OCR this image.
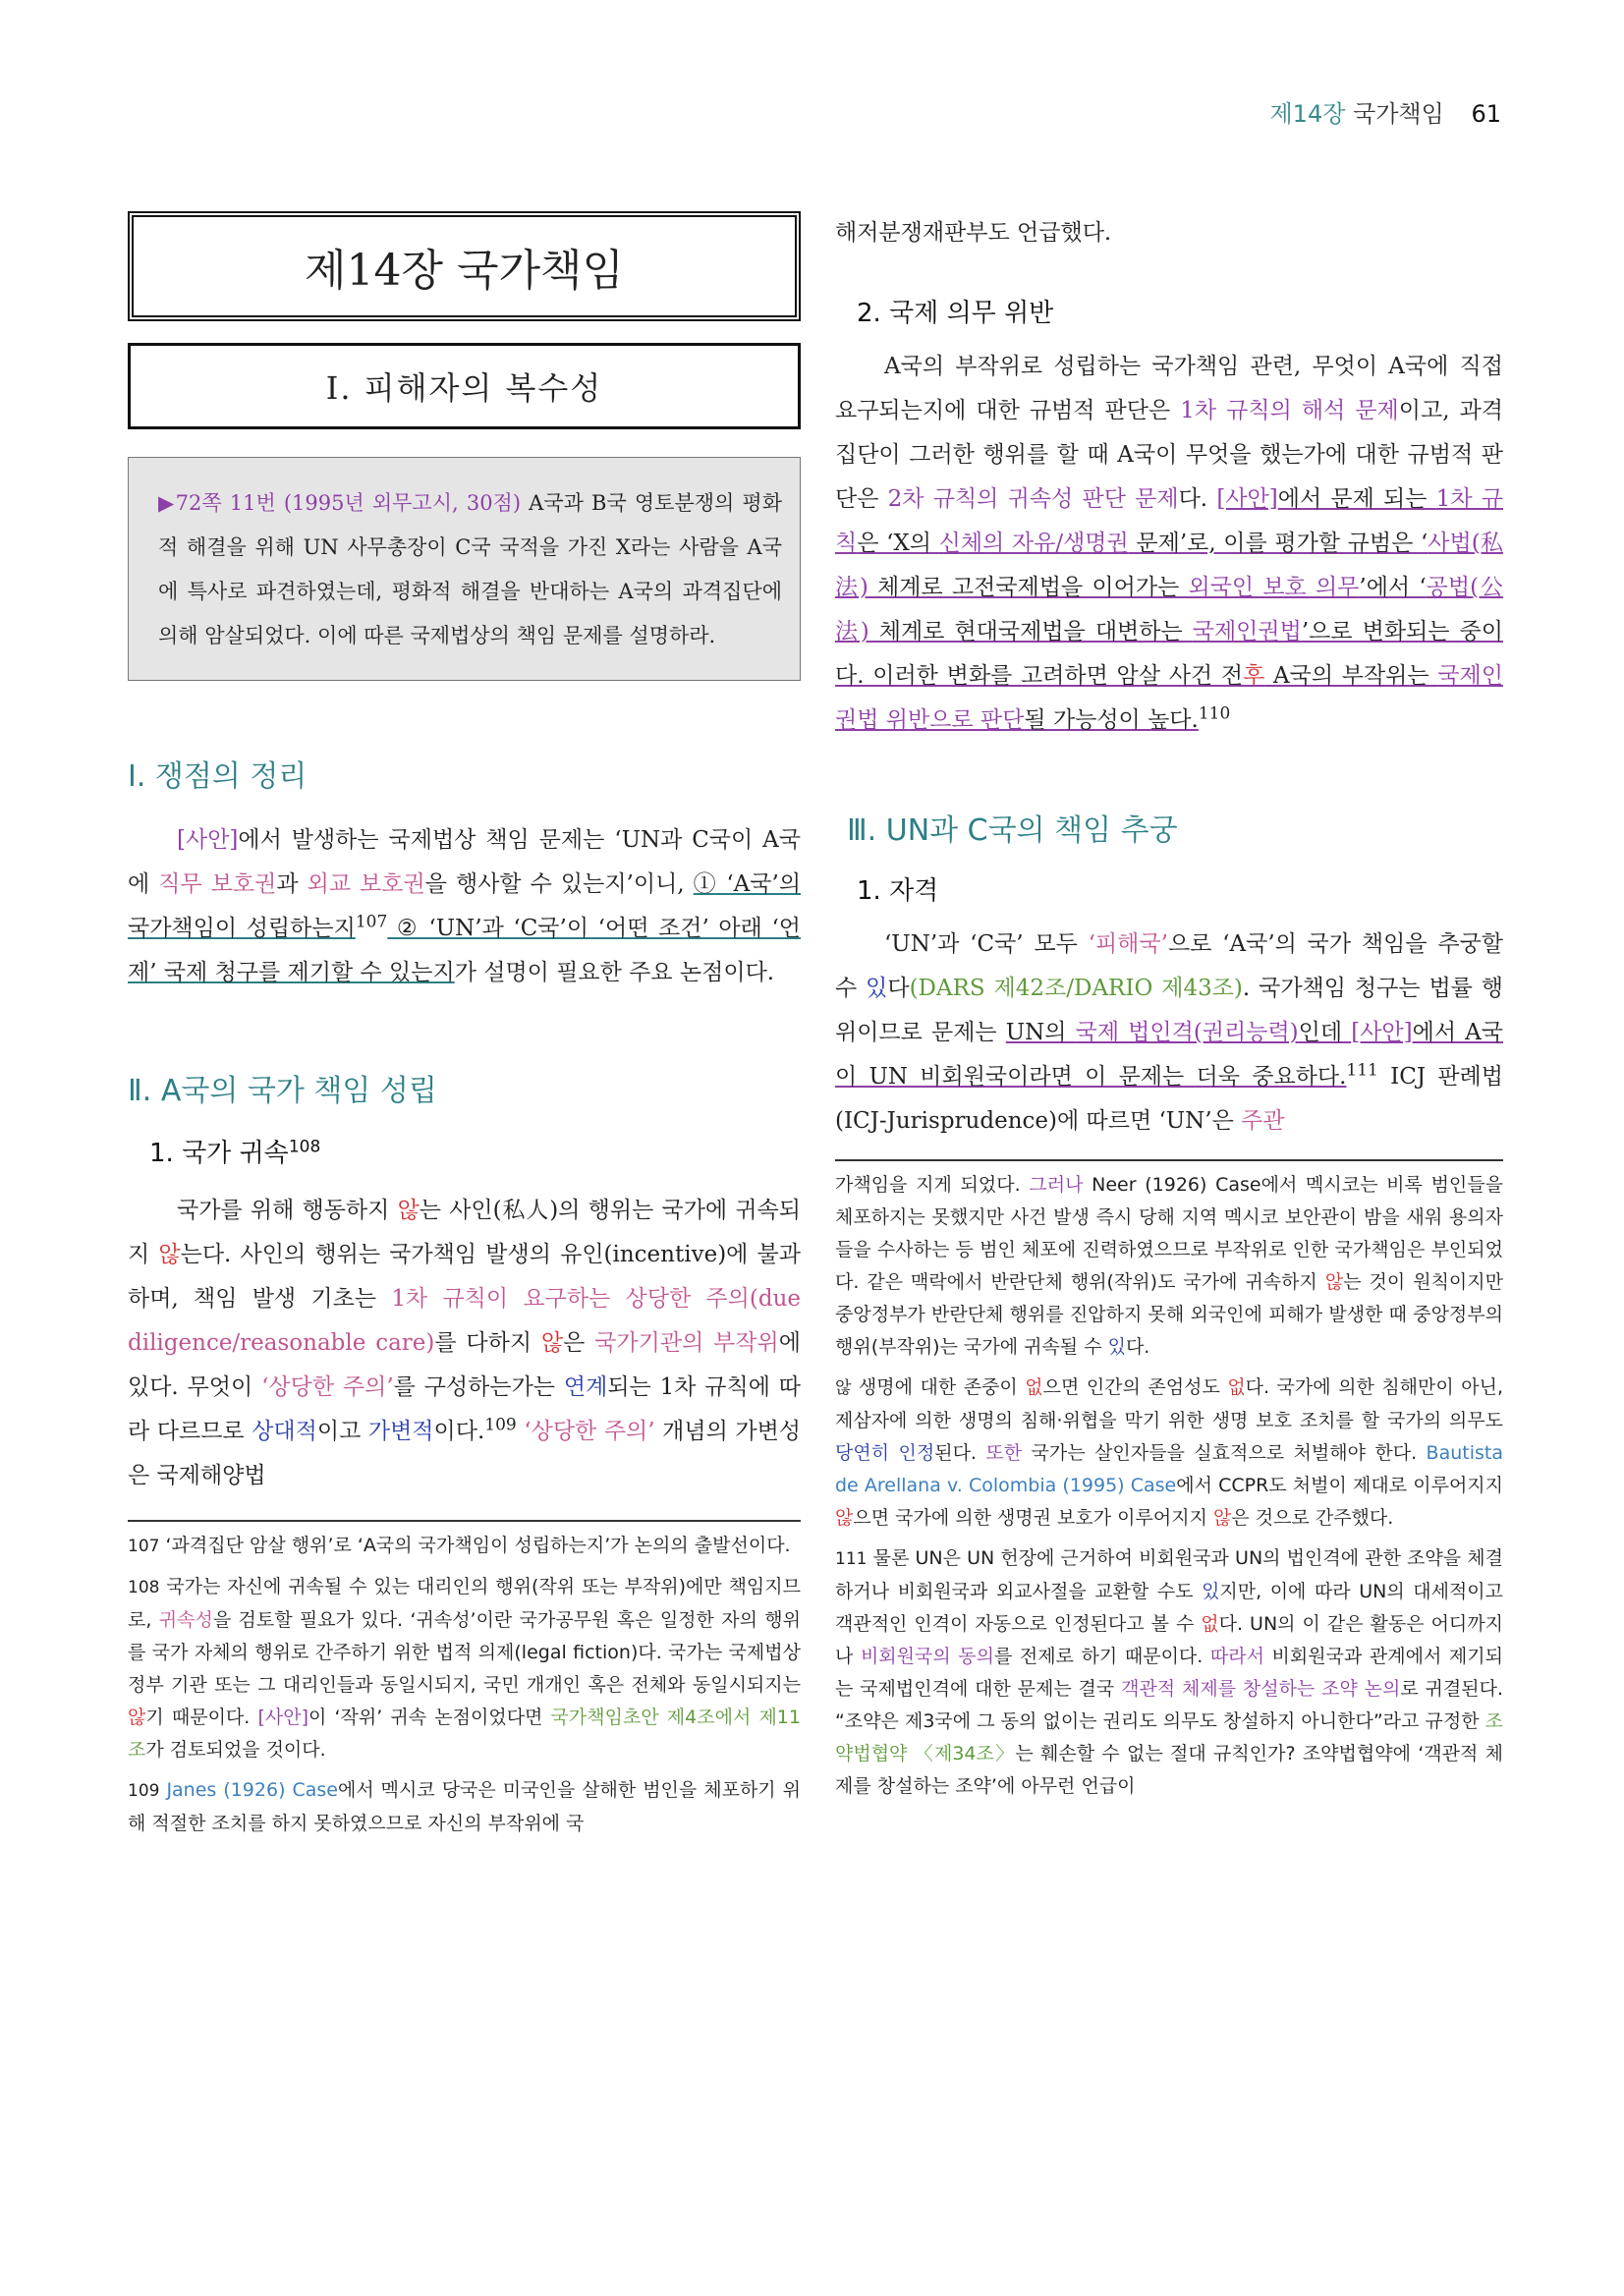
제14장 국가책임 61
제14장 국가책임
Ⅰ. 피해자의 복수성
▶72쪽 11번 (1995년 외무고시, 30점) A국과 B국 영토분쟁의 평화적 해결을 위해 UN 사무총장이 C국 국적을 가진 X라는 사람을 A국에 특사로 파견하였는데, 평화적 해결을 반대하는 A국의 과격집단에 의해 암살되었다. 이에 따른 국제법상의 책임 문제를 설명하라.
Ⅰ. 쟁점의 정리

[사안]에서 발생하는 국제법상 책임 문제는 ‘UN과 C국이 A국에 직무 보호권과 외교 보호권을 행사할 수 있는지’이니, ① ‘A국’의 국가책임이 성립하는지$^{107}$ ② ‘UN’과 ‘C국’이 ‘어떤 조건’ 아래 ‘언제’ 국제 청구를 제기할 수 있는지가 설명이 필요한 주요 논점이다.

Ⅱ. A국의 국가 책임 성립
1. 국가 귀속$^{108}$

국가를 위해 행동하지 않는 사인(私人)의 행위는 국가에 귀속되지 않는다. 사인의 행위는 국가책임 발생의 유인(incentive)에 불과하며, 책임 발생 기초는 1차 규칙이 요구하는 상당한 주의(due diligence/reasonable care)를 다하지 않은 국가기관의 부작위에 있다. 무엇이 ‘상당한 주의’를 구성하는가는 연계되는 1차 규칙에 따라 다르므로 상대적이고 가변적이다.$^{109}$ ‘상당한 주의’ 개념의 가변성은 국제해양법

107 ‘과격집단 암살 행위’로 ‘A국의 국가책임이 성립하는지’가 논의의 출발선이다.

108 국가는 자신에 귀속될 수 있는 대리인의 행위(작위 또는 부작위)에만 책임지므로, 귀속성을 검토할 필요가 있다. ‘귀속성’이란 국가공무원 혹은 일정한 자의 행위를 국가 자체의 행위로 간주하기 위한 법적 의제(legal fiction)다. 국가는 국제법상 정부 기관 또는 그 대리인들과 동일시되지, 국민 개개인 혹은 전체와 동일시되지는 않기 때문이다. [사안]이 ‘작위’ 귀속 논점이었다면 국가책임초안 제4조에서 제11조가 검토되었을 것이다.

109 Janes (1926) Case에서 멕시코 당국은 미국인을 살해한 범인을 체포하기 위해 적절한 조치를 하지 못하였으므로 자신의 부작위에 국

해저분쟁재판부도 언급했다.

2. 국제 의무 위반

A국의 부작위로 성립하는 국가책임 관련, 무엇이 A국에 직접 요구되는지에 대한 규범적 판단은 1차 규칙의 해석 문제이고, 과격집단이 그러한 행위를 할 때 A국이 무엇을 했는가에 대한 규범적 판단은 2차 규칙의 귀속성 판단 문제다. [사안]에서 문제 되는 1차 규칙은 ‘X의 신체의 자유/생명권 문제’로, 이를 평가할 규범은 ‘사법(私法) 체계로 고전국제법을 이어가는 외국인 보호 의무’에서 ‘공법(公法) 체계로 현대국제법을 대변하는 국제인권법’으로 변화되는 중이다. 이러한 변화를 고려하면 암살 사건 전후 A국의 부작위는 국제인권법 위반으로 판단될 가능성이 높다.$^{110}$

Ⅲ. UN과 C국의 책임 추궁
1. 자격

‘UN’과 ‘C국’ 모두 ‘피해국’으로 ‘A국’의 국가 책임을 추궁할 수 있다(DARS 제42조/DARIO 제43조). 국가책임 청구는 법률 행위이므로 문제는 UN의 국제 법인격(권리능력)인데 [사안]에서 A국이 UN 비회원국이라면 이 문제는 더욱 중요하다.$^{111}$ ICJ 판례법(ICJ-Jurisprudence)에 따르면 ‘UN’은 주관

가책임을 지게 되었다. 그러나 Neer (1926) Case에서 멕시코는 비록 범인들을 체포하지는 못했지만 사건 발생 즉시 당해 지역 멕시코 보안관이 밤을 새워 용의자들을 수사하는 등 범인 체포에 진력하였으므로 부작위로 인한 국가책임은 부인되었다. 같은 맥락에서 반란단체 행위(작위)도 국가에 귀속하지 않는 것이 원칙이지만 중앙정부가 반란단체 행위를 진압하지 못해 외국인에 피해가 발생한 때 중앙정부의 행위(부작위)는 국가에 귀속될 수 있다.

않 생명에 대한 존중이 없으면 인간의 존엄성도 없다. 국가에 의한 침해만이 아닌, 제삼자에 의한 생명의 침해·위협을 막기 위한 생명 보호 조치를 할 국가의 의무도 당연히 인정된다. 또한 국가는 살인자들을 실효적으로 처벌해야 한다. Bautista de Arellana v. Colombia (1995) Case에서 CCPR도 처벌이 제대로 이루어지지 않으면 국가에 의한 생명권 보호가 이루어지지 않은 것으로 간주했다.

111 물론 UN은 UN 헌장에 근거하여 비회원국과 UN의 법인격에 관한 조약을 체결하거나 비회원국과 외교사절을 교환할 수도 있지만, 이에 따라 UN의 대세적이고 객관적인 인격이 자동으로 인정된다고 볼 수 없다. UN의 이 같은 활동은 어디까지나 비회원국의 동의를 전제로 하기 때문이다. 따라서 비회원국과 관계에서 제기되는 국제법인격에 대한 문제는 결국 객관적 체제를 창설하는 조약 논의로 귀결된다. “조약은 제3국에 그 동의 없이는 권리도 의무도 창설하지 아니한다”라고 규정한 조약법협약 〈제34조〉는 훼손할 수 없는 절대 규칙인가? 조약법협약에 ‘객관적 체제를 창설하는 조약’에 아무런 언급이
